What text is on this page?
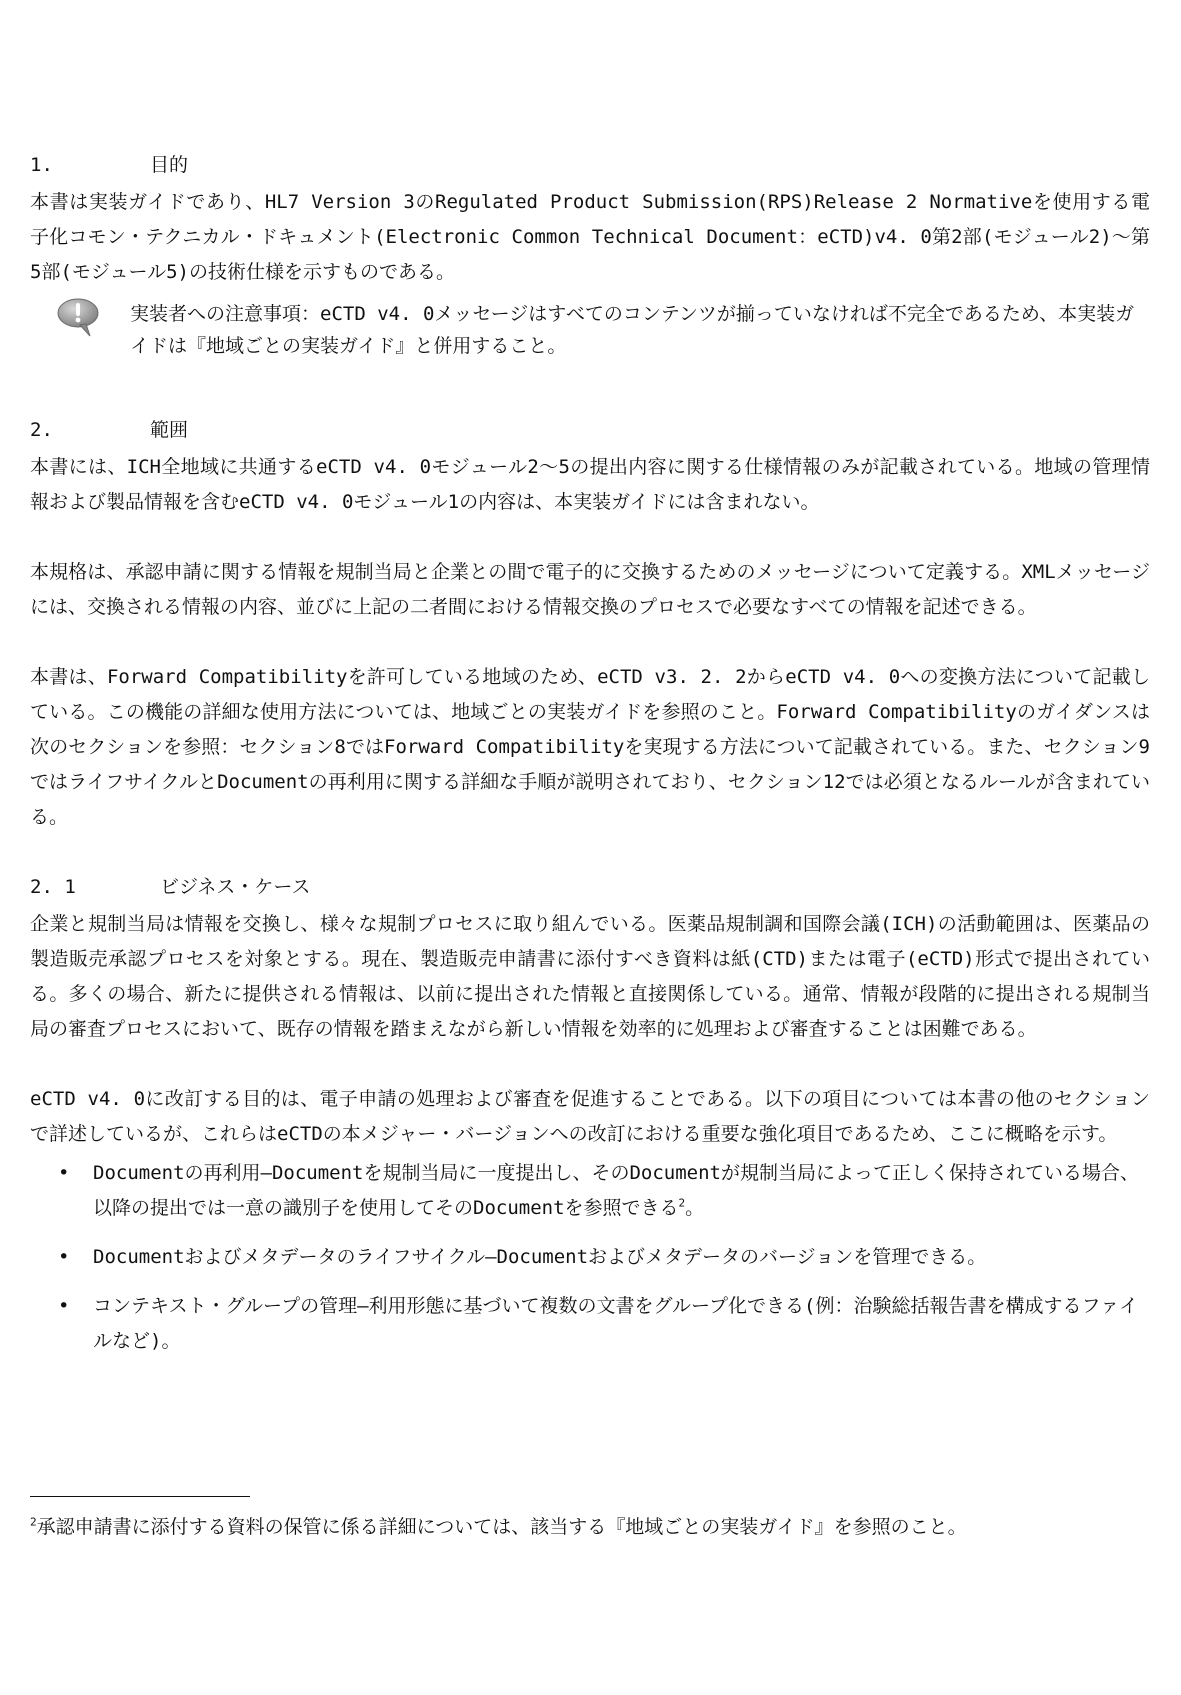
1.	目的

本書は実装ガイドであり、HL7 Version 3のRegulated Product Submission(RPS)Release 2 Normativeを使用する電子化コモン・テクニカル・ドキュメント(Electronic Common Technical Document：eCTD)v4. 0第2部(モジュール2)～第5部(モジュール5)の技術仕様を示すものである。

実装者への注意事項：eCTD v4. 0メッセージはすべてのコンテンツが揃っていなければ不完全であるため、本実装ガイドは『地域ごとの実装ガイド』と併用すること。
2.	範囲

本書には、ICH全地域に共通するeCTD v4. 0モジュール2～5の提出内容に関する仕様情報のみが記載されている。地域の管理情報および製品情報を含むeCTD v4. 0モジュール1の内容は、本実装ガイドには含まれない。

本規格は、承認申請に関する情報を規制当局と企業との間で電子的に交換するためのメッセージについて定義する。XMLメッセージには、交換される情報の内容、並びに上記の二者間における情報交換のプロセスで必要なすべての情報を記述できる。

本書は、Forward Compatibilityを許可している地域のため、eCTD v3. 2. 2からeCTD v4. 0への変換方法について記載している。この機能の詳細な使用方法については、地域ごとの実装ガイドを参照のこと。Forward Compatibilityのガイダンスは次のセクションを参照：セクション8ではForward Compatibilityを実現する方法について記載されている。また、セクション9ではライフサイクルとDocumentの再利用に関する詳細な手順が説明されており、セクション12では必須となるルールが含まれている。

2. 1	ビジネス・ケース

企業と規制当局は情報を交換し、様々な規制プロセスに取り組んでいる。医薬品規制調和国際会議(ICH)の活動範囲は、医薬品の製造販売承認プロセスを対象とする。現在、製造販売申請書に添付すべき資料は紙(CTD)または電子(eCTD)形式で提出されている。多くの場合、新たに提供される情報は、以前に提出された情報と直接関係している。通常、情報が段階的に提出される規制当局の審査プロセスにおいて、既存の情報を踏まえながら新しい情報を効率的に処理および審査することは困難である。

eCTD v4. 0に改訂する目的は、電子申請の処理および審査を促進することである。以下の項目については本書の他のセクションで詳述しているが、これらはeCTDの本メジャー・バージョンへの改訂における重要な強化項目であるため、ここに概略を示す。

•	Documentの再利用―Documentを規制当局に一度提出し、そのDocumentが規制当局によって正しく保持されている場合、以降の提出では一意の識別子を使用してそのDocumentを参照できる$^2$。
•	Documentおよびメタデータのライフサイクル―Documentおよびメタデータのバージョンを管理できる。
•	コンテキスト・グループの管理―利用形態に基づいて複数の文書をグループ化できる(例：治験総括報告書を構成するファイルなど)。
$^2$承認申請書に添付する資料の保管に係る詳細については、該当する『地域ごとの実装ガイド』を参照のこと。
